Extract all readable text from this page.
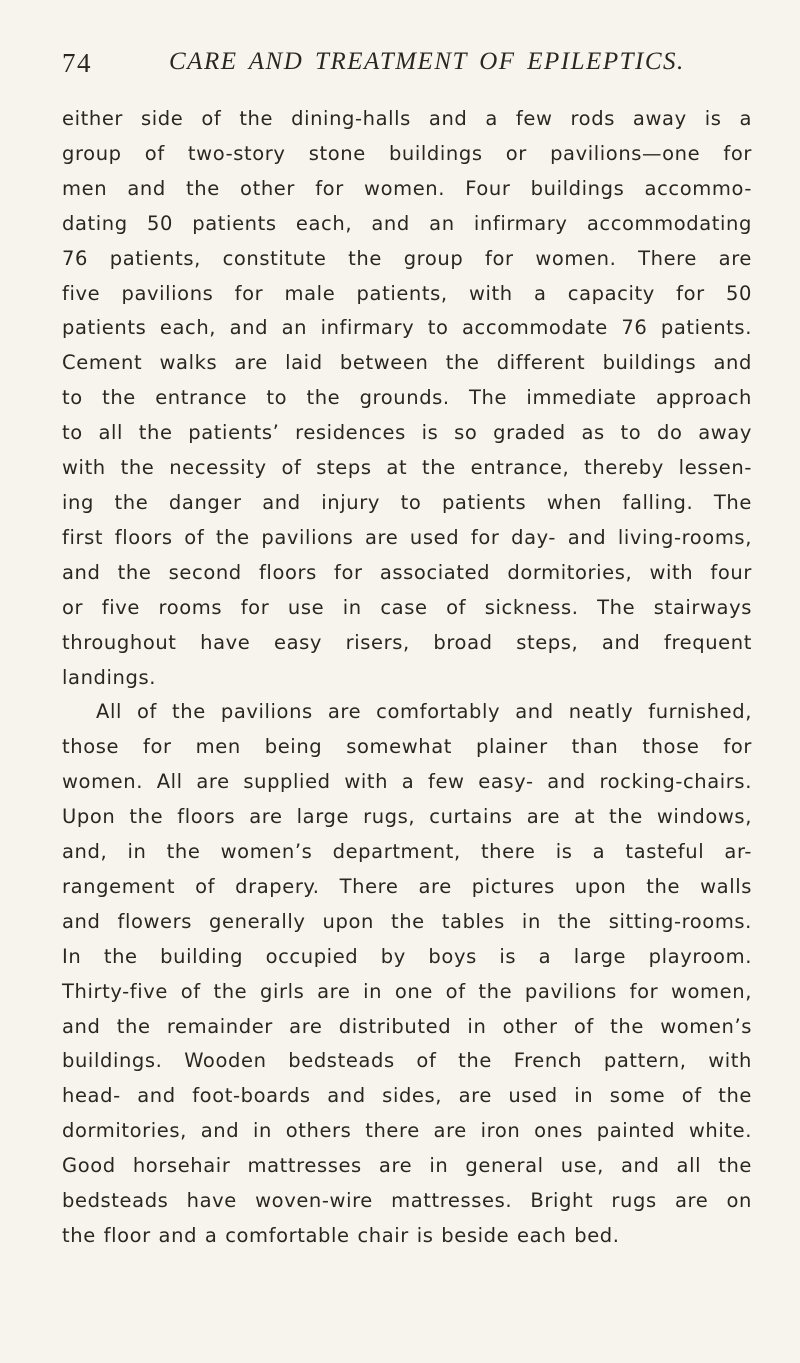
74	CARE AND TREATMENT OF EPILEPTICS.

either side of the dining-halls and a few rods away is a

group of two-story stone buildings or pavilions—one for

men and the other for women. Four buildings accommo-

dating 50 patients each, and an infirmary accommodating

76 patients, constitute the group for women. There are

five pavilions for male patients, with a capacity for 50

patients each, and an infirmary to accommodate 76 patients.

Cement walks are laid between the different buildings and

to the entrance to the grounds. The immediate approach

to all the patients’ residences is so graded as to do away

with the necessity of steps at the entrance, thereby lessen-

ing the danger and injury to patients when falling. The

first floors of the pavilions are used for day- and living-rooms,

and the second floors for associated dormitories, with four

or five rooms for use in case of sickness. The stairways

throughout have easy risers, broad steps, and frequent

landings.

All of the pavilions are comfortably and neatly furnished,

those for men being somewhat plainer than those for

women. All are supplied with a few easy- and rocking-chairs.

Upon the floors are large rugs, curtains are at the windows,

and, in the women’s department, there is a tasteful ar-

rangement of drapery. There are pictures upon the walls

and flowers generally upon the tables in the sitting-rooms.

In the building occupied by boys is a large playroom.

Thirty-five of the girls are in one of the pavilions for women,

and the remainder are distributed in other of the women’s

buildings. Wooden bedsteads of the French pattern, with

head- and foot-boards and sides, are used in some of the

dormitories, and in others there are iron ones painted white.

Good horsehair mattresses are in general use, and all the

bedsteads have woven-wire mattresses. Bright rugs are on

the floor and a comfortable chair is beside each bed.
